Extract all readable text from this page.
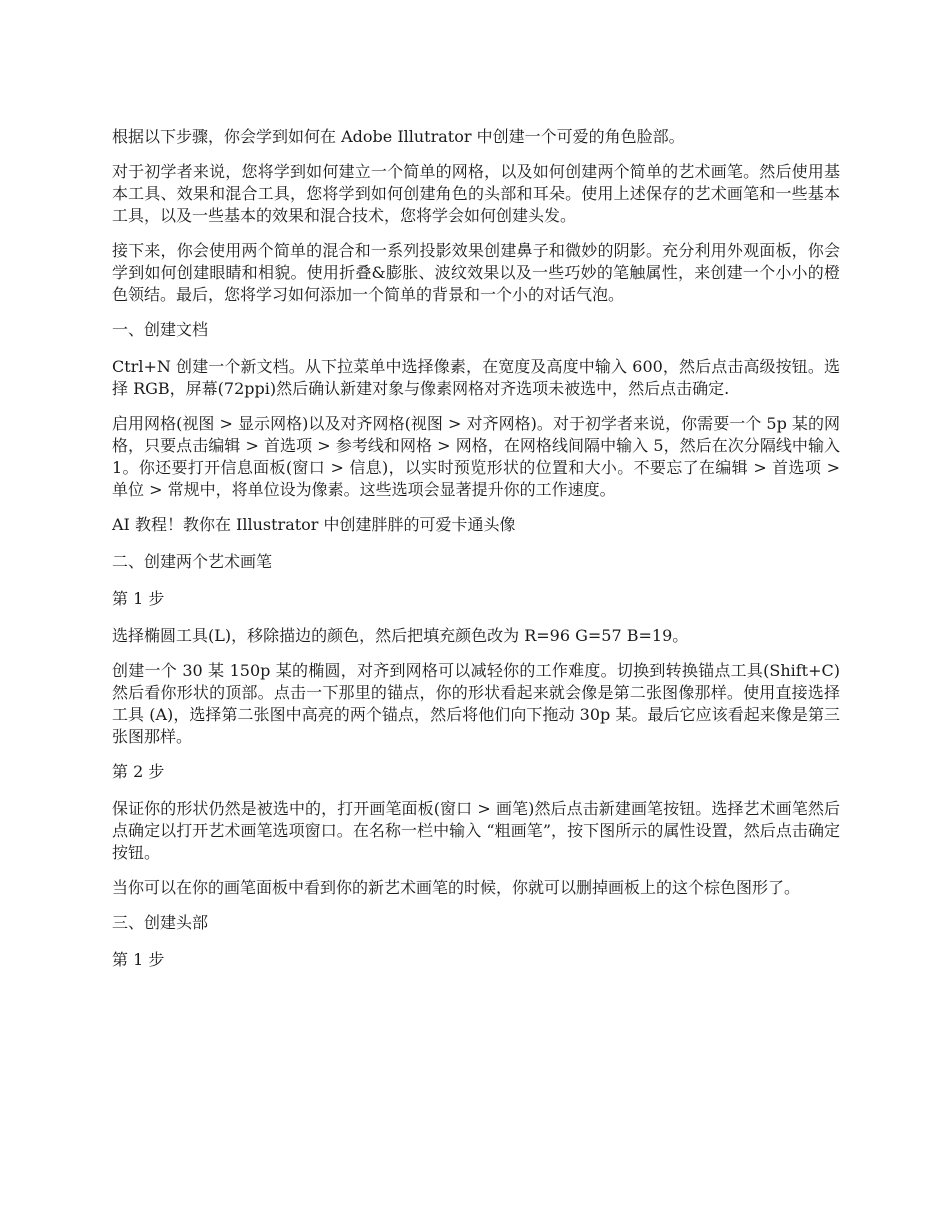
根据以下步骤，你会学到如何在 Adobe Illutrator 中创建一个可爱的角色脸部。

对于初学者来说，您将学到如何建立一个简单的网格，以及如何创建两个简单的艺术画笔。然后使用基本工具、效果和混合工具，您将学到如何创建角色的头部和耳朵。使用上述保存的艺术画笔和一些基本工具，以及一些基本的效果和混合技术，您将学会如何创建头发。

接下来，你会使用两个简单的混合和一系列投影效果创建鼻子和微妙的阴影。充分利用外观面板，你会学到如何创建眼睛和相貌。使用折叠&膨胀、波纹效果以及一些巧妙的笔触属性，来创建一个小小的橙色领结。最后，您将学习如何添加一个简单的背景和一个小的对话气泡。

一、创建文档

Ctrl+N 创建一个新文档。从下拉菜单中选择像素，在宽度及高度中输入 600，然后点击高级按钮。选择 RGB，屏幕(72ppi)然后确认新建对象与像素网格对齐选项未被选中，然后点击确定.

启用网格(视图 > 显示网格)以及对齐网格(视图 > 对齐网格)。对于初学者来说，你需要一个 5p 某的网格，只要点击编辑 > 首选项 > 参考线和网格 > 网格，在网格线间隔中输入 5，然后在次分隔线中输入 1。你还要打开信息面板(窗口 > 信息)，以实时预览形状的位置和大小。不要忘了在编辑 > 首选项 > 单位 > 常规中，将单位设为像素。这些选项会显著提升你的工作速度。

AI 教程！教你在 Illustrator 中创建胖胖的可爱卡通头像

二、创建两个艺术画笔

第 1 步

选择椭圆工具(L)，移除描边的颜色，然后把填充颜色改为 R=96 G=57 B=19。

创建一个 30 某 150p 某的椭圆，对齐到网格可以减轻你的工作难度。切换到转换锚点工具(Shift+C)然后看你形状的顶部。点击一下那里的锚点，你的形状看起来就会像是第二张图像那样。使用直接选择工具 (A)，选择第二张图中高亮的两个锚点，然后将他们向下拖动 30p 某。最后它应该看起来像是第三张图那样。

第 2 步

保证你的形状仍然是被选中的，打开画笔面板(窗口 > 画笔)然后点击新建画笔按钮。选择艺术画笔然后点确定以打开艺术画笔选项窗口。在名称一栏中输入 “粗画笔”，按下图所示的属性设置，然后点击确定按钮。

当你可以在你的画笔面板中看到你的新艺术画笔的时候，你就可以删掉画板上的这个棕色图形了。

三、创建头部

第 1 步
